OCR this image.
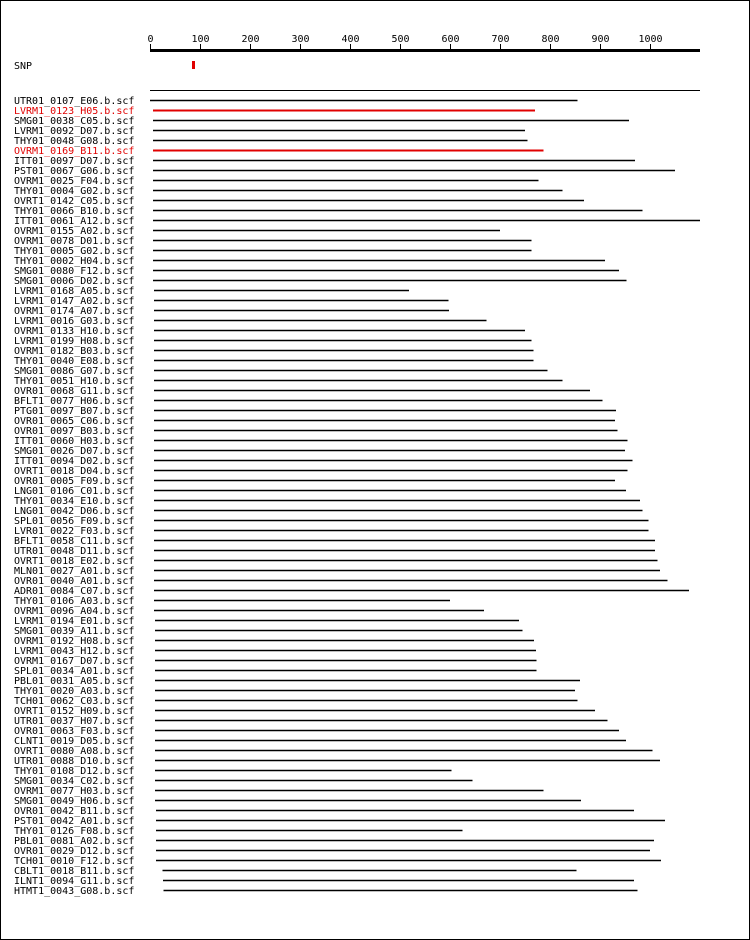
0	100	200	300	400	500	600	700	800	900	1000
SNP
UTR01_0107_E06.b.scf
LVRM1_0123_H05.b.scf
SMG01_0038_C05.b.scf
LVRM1_0092_D07.b.scf
THY01_0048_G08.b.scf
OVRM1_0169_B11.b.scf
ITT01_0097_D07.b.scf
PST01_0067_G06.b.scf
OVRM1_0025_F04.b.scf
THY01_0004_G02.b.scf
OVRT1_0142_C05.b.scf
THY01_0066_B10.b.scf
ITT01_0061_A12.b.scf
OVRM1_0155_A02.b.scf
OVRM1_0078_D01.b.scf
THY01_0005_G02.b.scf
THY01_0002_H04.b.scf
SMG01_0080_F12.b.scf
SMG01_0006_D02.b.scf
LVRM1_0168_A05.b.scf
LVRM1_0147_A02.b.scf
OVRM1_0174_A07.b.scf
LVRM1_0016_G03.b.scf
OVRM1_0133_H10.b.scf
LVRM1_0199_H08.b.scf
OVRM1_0182_B03.b.scf
THY01_0040_E08.b.scf
SMG01_0086_G07.b.scf
THY01_0051_H10.b.scf
OVR01_0068_G11.b.scf
BFLT1_0077_H06.b.scf
PTG01_0097_B07.b.scf
OVR01_0065_C06.b.scf
OVR01_0097_B03.b.scf
ITT01_0060_H03.b.scf
SMG01_0026_D07.b.scf
ITT01_0094_D02.b.scf
OVRT1_0018_D04.b.scf
OVR01_0005_F09.b.scf
LNG01_0106_C01.b.scf
THY01_0034_E10.b.scf
LNG01_0042_D06.b.scf
SPL01_0056_F09.b.scf
LVR01_0022_F03.b.scf
BFLT1_0058_C11.b.scf
UTR01_0048_D11.b.scf
OVRT1_0018_E02.b.scf
MLN01_0027_A01.b.scf
OVR01_0040_A01.b.scf
ADR01_0084_C07.b.scf
THY01_0106_A03.b.scf
OVRM1_0096_A04.b.scf
LVRM1_0194_E01.b.scf
SMG01_0039_A11.b.scf
OVRM1_0192_H08.b.scf
LVRM1_0043_H12.b.scf
OVRM1_0167_D07.b.scf
SPL01_0034_A01.b.scf
PBL01_0031_A05.b.scf
THY01_0020_A03.b.scf
TCH01_0062_C03.b.scf
OVRT1_0152_H09.b.scf
UTR01_0037_H07.b.scf
OVR01_0063_F03.b.scf
CLNT1_0019_D05.b.scf
OVRT1_0080_A08.b.scf
UTR01_0088_D10.b.scf
THY01_0108_D12.b.scf
SMG01_0034_C02.b.scf
OVRM1_0077_H03.b.scf
SMG01_0049_H06.b.scf
OVR01_0042_B11.b.scf
PST01_0042_A01.b.scf
THY01_0126_F08.b.scf
PBL01_0081_A02.b.scf
OVR01_0029_D12.b.scf
TCH01_0010_F12.b.scf
CBLT1_0018_B11.b.scf
ILNT1_0094_G11.b.scf
HTMT1_0043_G08.b.scf
